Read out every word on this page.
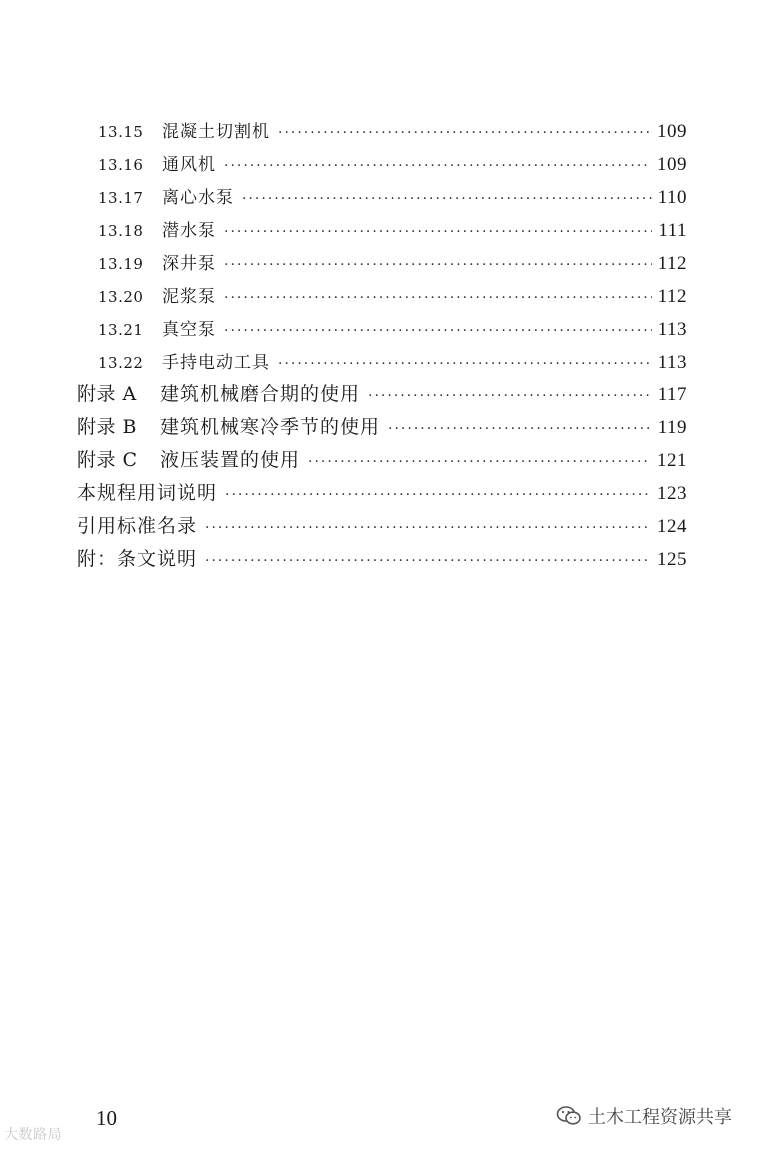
13.15	混凝土切割机 ·····	109
13.16	通风机 ·····	109
13.17	离心水泵 ·····	110
13.18	潜水泵 ·····	111
13.19	深井泵 ·····	112
13.20	泥浆泵 ·····	112
13.21	真空泵 ·····	113
13.22	手持电动工具 ·····	113
附录 A	建筑机械磨合期的使用 ·····	117
附录 B	建筑机械寒冷季节的使用 ·····	119
附录 C	液压装置的使用 ·····	121
本规程用词说明 ·····	123
引用标准名录 ·····	124
附：条文说明 ·····	125
10
大数路局
土木工程资源共享
